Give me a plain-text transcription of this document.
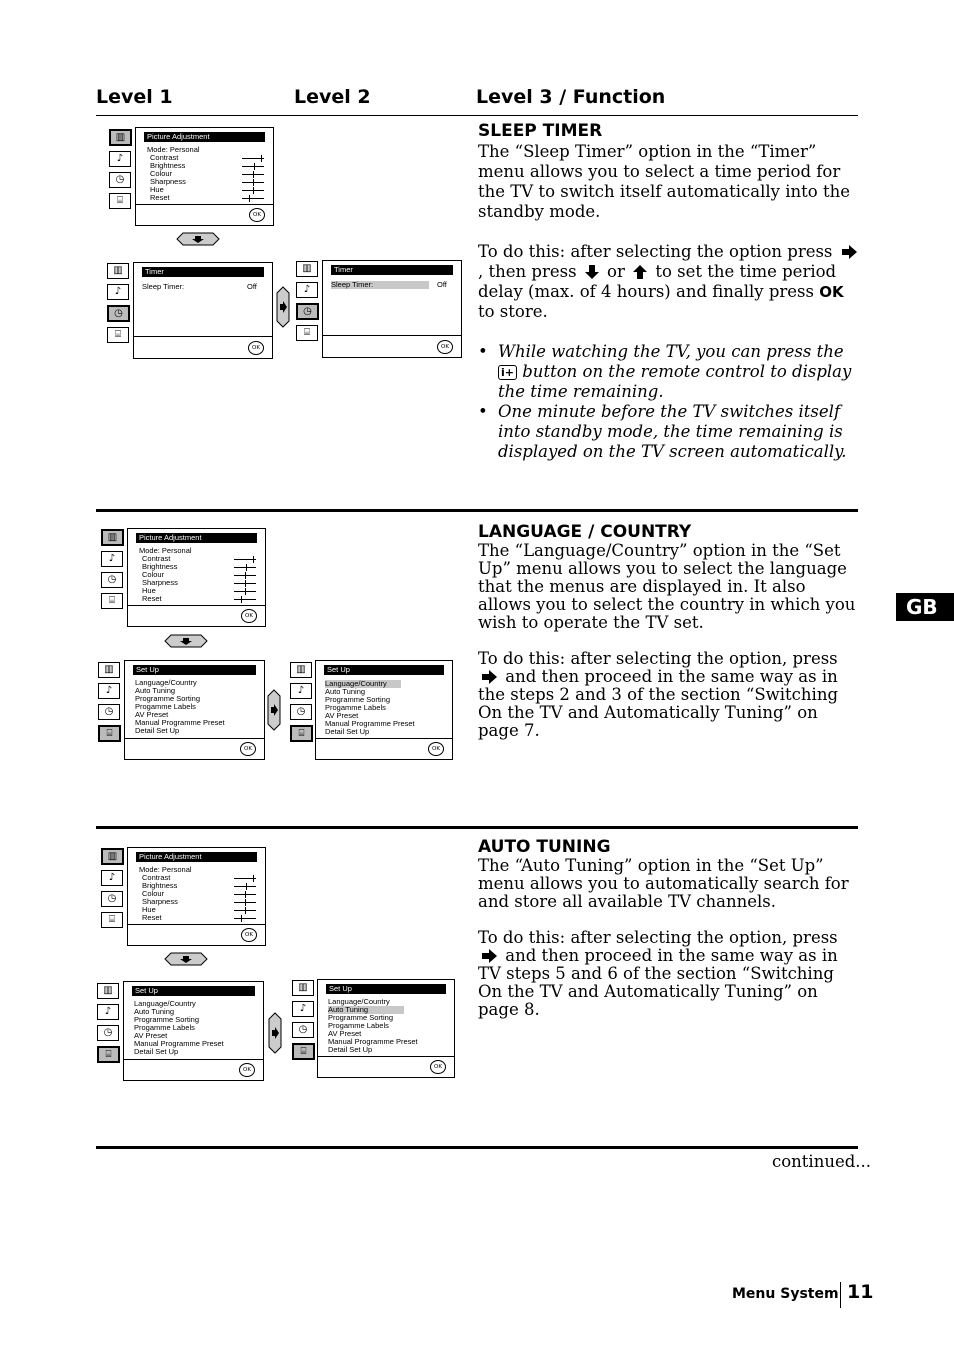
Level 1	Level 2	Level 3 / Function
SLEEP TIMER

The “Sleep Timer” option in the “Timer” menu allows you to select a time period for the TV to switch itself automatically into the standby mode.

To do this: after selecting the option press , then press or to set the time period delay (max. of 4 hours) and finally press OK to store.

• While watching the TV, you can press the
i+ button on the remote control to display the time remaining.
• One minute before the TV switches itself into standby mode, the time remaining is displayed on the TV screen automatically.
▥
♪
◷
⌸
Picture Adjustment
Mode: Personal
Contrast
Brightness
Colour
Sharpness
Hue
Reset
OK
▥
♪
◷
⌸
Timer
Sleep Timer:	Off
OK
▥
♪
◷
⌸
Timer
Sleep Timer:	Off
OK
LANGUAGE / COUNTRY

The “Language/Country” option in the “Set Up” menu allows you to select the language that the menus are displayed in. It also allows you to select the country in which you wish to operate the TV set.

To do this: after selecting the option, press  and then proceed in the same way as in the steps 2 and 3 of the section “Switching On the TV and Automatically Tuning” on page 7.

▥
♪
◷
⌸
Picture Adjustment
Mode: Personal
Contrast
Brightness
Colour
Sharpness
Hue
Reset
OK
▥
♪
◷
⌸
Set Up
Language/Country
Auto Tuning
Programme Sorting
Progamme Labels
AV Preset
Manual Programme Preset
Detail Set Up
OK
▥
♪
◷
⌸
Set Up
Language/Country
Auto Tuning
Programme Sorting
Progamme Labels
AV Preset
Manual Programme Preset
Detail Set Up
OK
AUTO TUNING

The “Auto Tuning” option in the “Set Up” menu allows you to automatically search for and store all available TV channels.

To do this: after selecting the option, press  and then proceed in the same way as in TV steps 5 and 6 of the section “Switching On the TV and Automatically Tuning” on page 8.

▥
♪
◷
⌸
Picture Adjustment
Mode: Personal
Contrast
Brightness
Colour
Sharpness
Hue
Reset
OK
▥
♪
◷
⌸
Set Up
Language/Country
Auto Tuning
Programme Sorting
Progamme Labels
AV Preset
Manual Programme Preset
Detail Set Up
OK
▥
♪
◷
⌸
Set Up
Language/Country
Auto Tuning
Programme Sorting
Progamme Labels
AV Preset
Manual Programme Preset
Detail Set Up
OK
GB
continued...
Menu System 11
